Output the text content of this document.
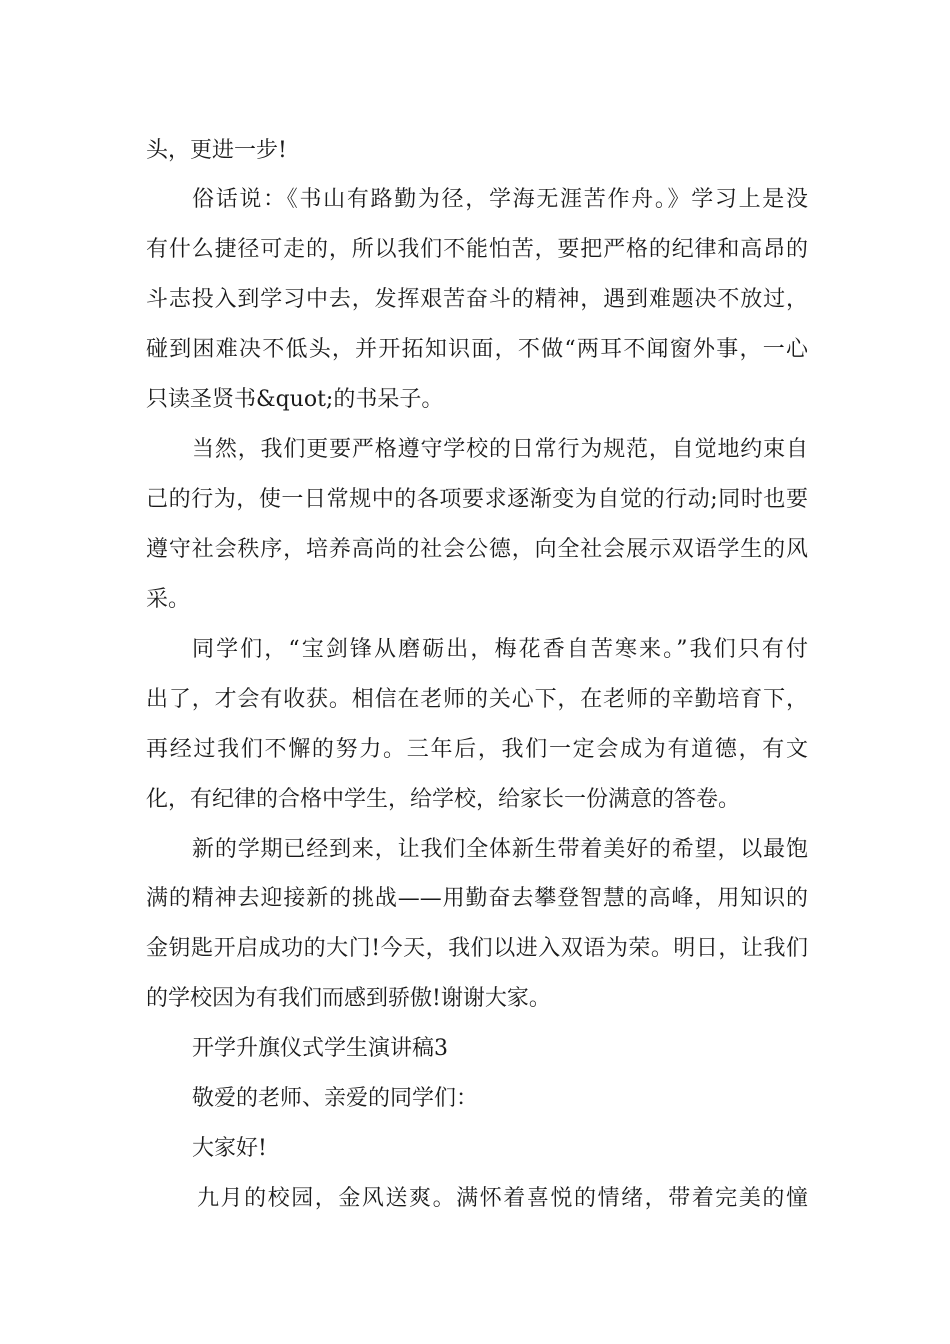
头，更进一步!
俗话说：《书山有路勤为径，学海无涯苦作舟。》学习上是没
有什么捷径可走的，所以我们不能怕苦，要把严格的纪律和高昂的
斗志投入到学习中去，发挥艰苦奋斗的精神，遇到难题决不放过，
碰到困难决不低头，并开拓知识面，不做“两耳不闻窗外事，一心
只读圣贤书&quot;的书呆子。
当然，我们更要严格遵守学校的日常行为规范，自觉地约束自
己的行为，使一日常规中的各项要求逐渐变为自觉的行动;同时也要
遵守社会秩序，培养高尚的社会公德，向全社会展示双语学生的风
采。
同学们，“宝剑锋从磨砺出，梅花香自苦寒来。”我们只有付
出了，才会有收获。相信在老师的关心下，在老师的辛勤培育下，
再经过我们不懈的努力。三年后，我们一定会成为有道德，有文
化，有纪律的合格中学生，给学校，给家长一份满意的答卷。
新的学期已经到来，让我们全体新生带着美好的希望，以最饱
满的精神去迎接新的挑战——用勤奋去攀登智慧的高峰，用知识的
金钥匙开启成功的大门!今天，我们以进入双语为荣。明日，让我们
的学校因为有我们而感到骄傲!谢谢大家。
开学升旗仪式学生演讲稿3
敬爱的老师、亲爱的同学们：
大家好!
九月的校园，金风送爽。满怀着喜悦的情绪，带着完美的憧
